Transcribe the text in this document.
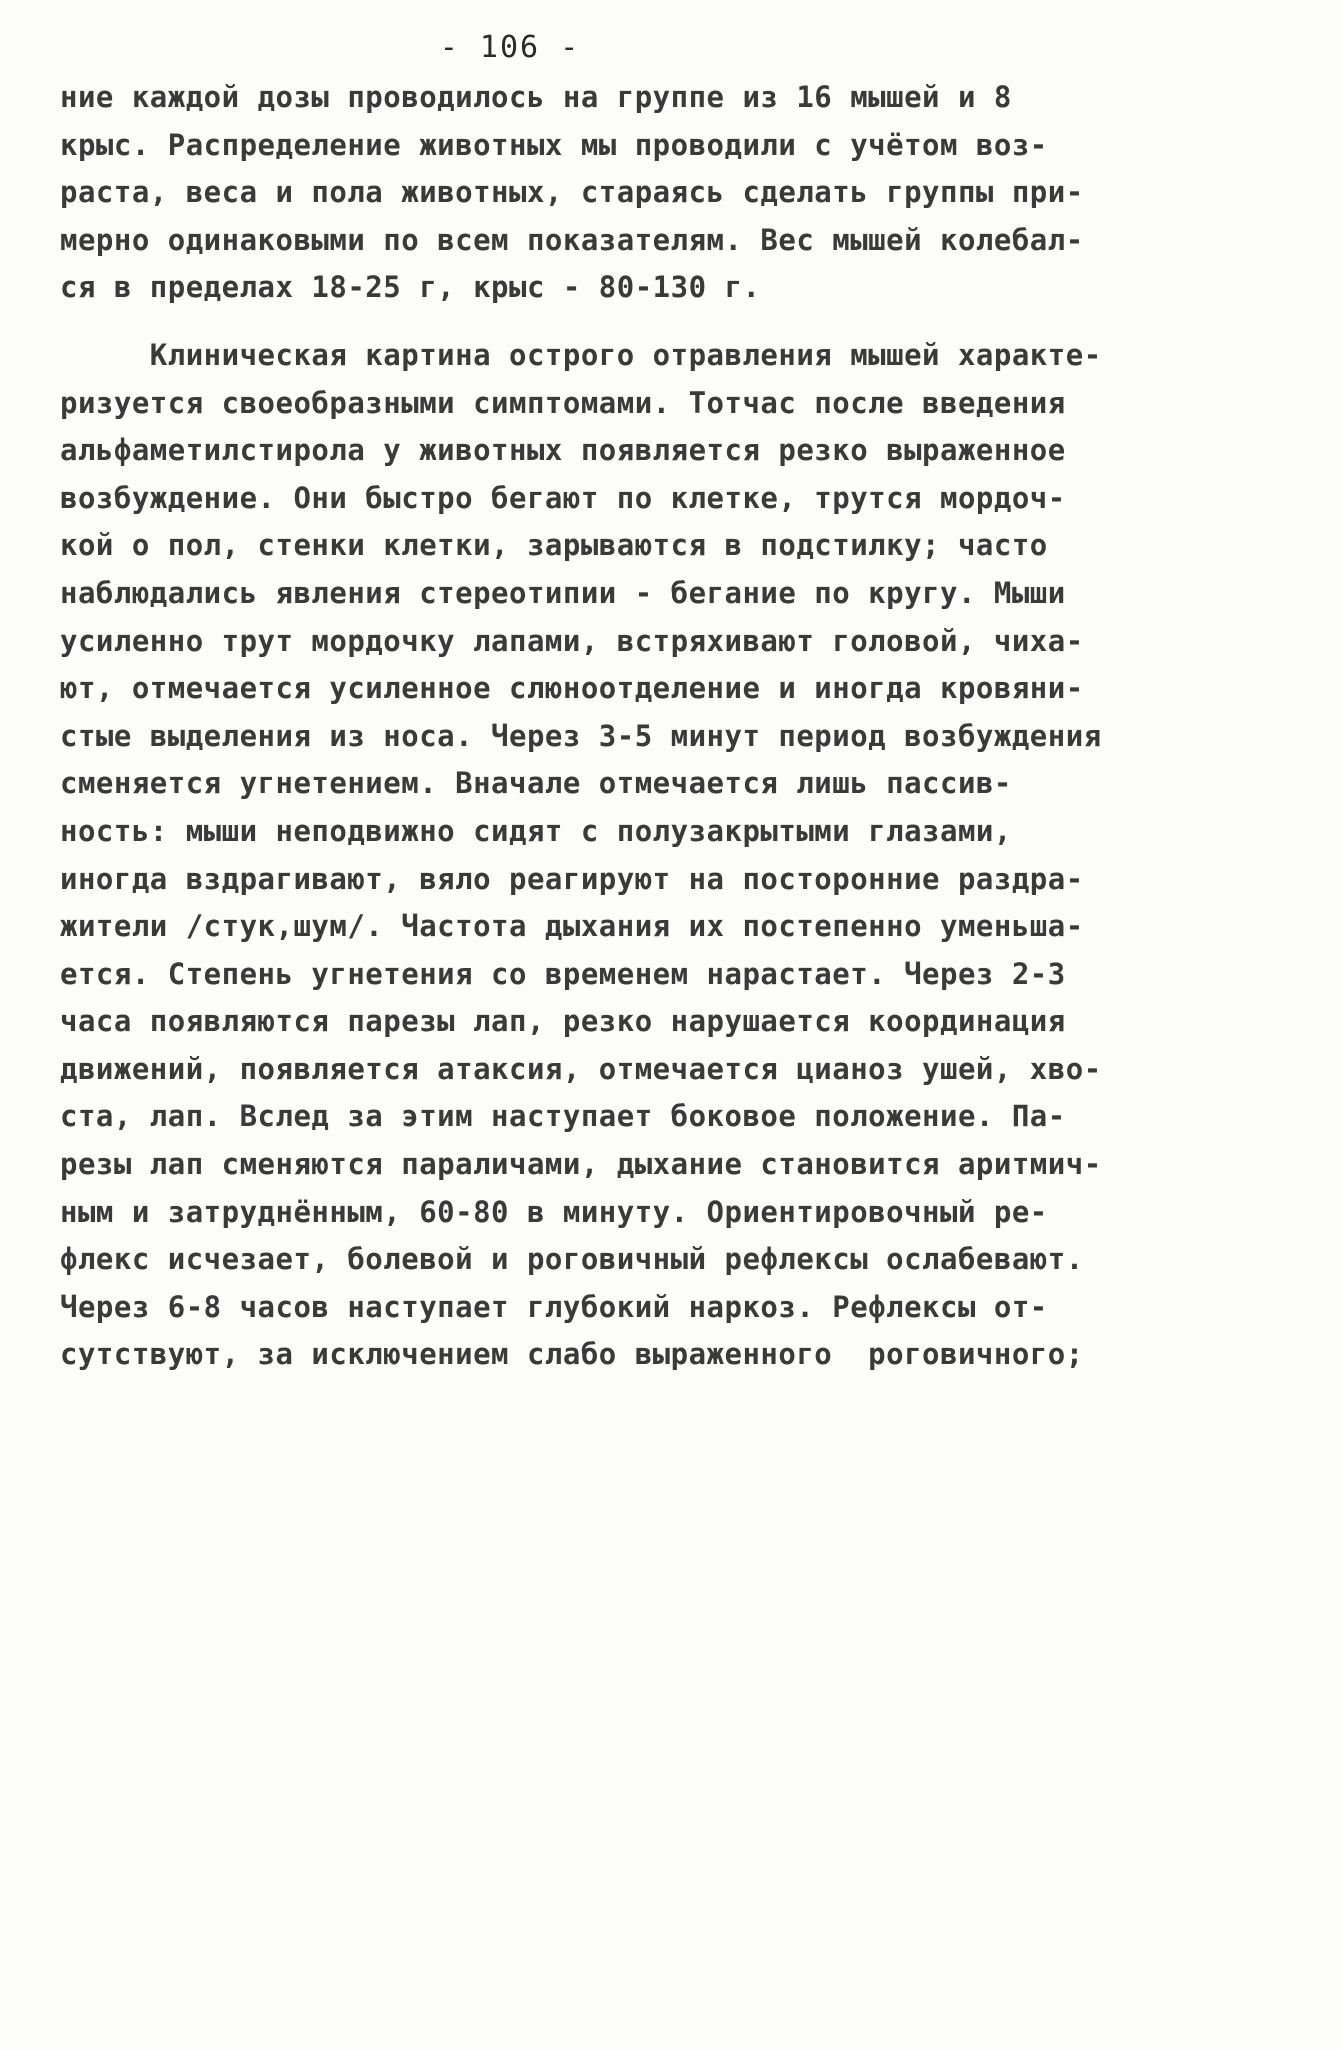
- 106 -
ние каждой дозы проводилось на группе из 16 мышей и 8
крыс. Распределение животных мы проводили с учётом воз-
раста, веса и пола животных, стараясь сделать группы при-
мерно одинаковыми по всем показателям. Вес мышей колебал-
ся в пределах 18-25 г, крыс - 80-130 г.
Клиническая картина острого отравления мышей характе-
ризуется своеобразными симптомами. Тотчас после введения
альфаметилстирола у животных появляется резко выраженное
возбуждение. Они быстро бегают по клетке, трутся мордоч-
кой о пол, стенки клетки, зарываются в подстилку; часто
наблюдались явления стереотипии - бегание по кругу. Мыши
усиленно трут мордочку лапами, встряхивают головой, чиха-
ют, отмечается усиленное слюноотделение и иногда кровяни-
стые выделения из носа. Через 3-5 минут период возбуждения
сменяется угнетением. Вначале отмечается лишь пассив-
ность: мыши неподвижно сидят с полузакрытыми глазами,
иногда вздрагивают, вяло реагируют на посторонние раздра-
жители /стук,шум/. Частота дыхания их постепенно уменьша-
ется. Степень угнетения со временем нарастает. Через 2-3
часа появляются парезы лап, резко нарушается координация
движений, появляется атаксия, отмечается цианоз ушей, хво-
ста, лап. Вслед за этим наступает боковое положение. Па-
резы лап сменяются параличами, дыхание становится аритмич-
ным и затруднённым, 60-80 в минуту. Ориентировочный ре-
флекс исчезает, болевой и роговичный рефлексы ослабевают.
Через 6-8 часов наступает глубокий наркоз. Рефлексы от-
сутствуют, за исключением слабо выраженного  роговичного;
